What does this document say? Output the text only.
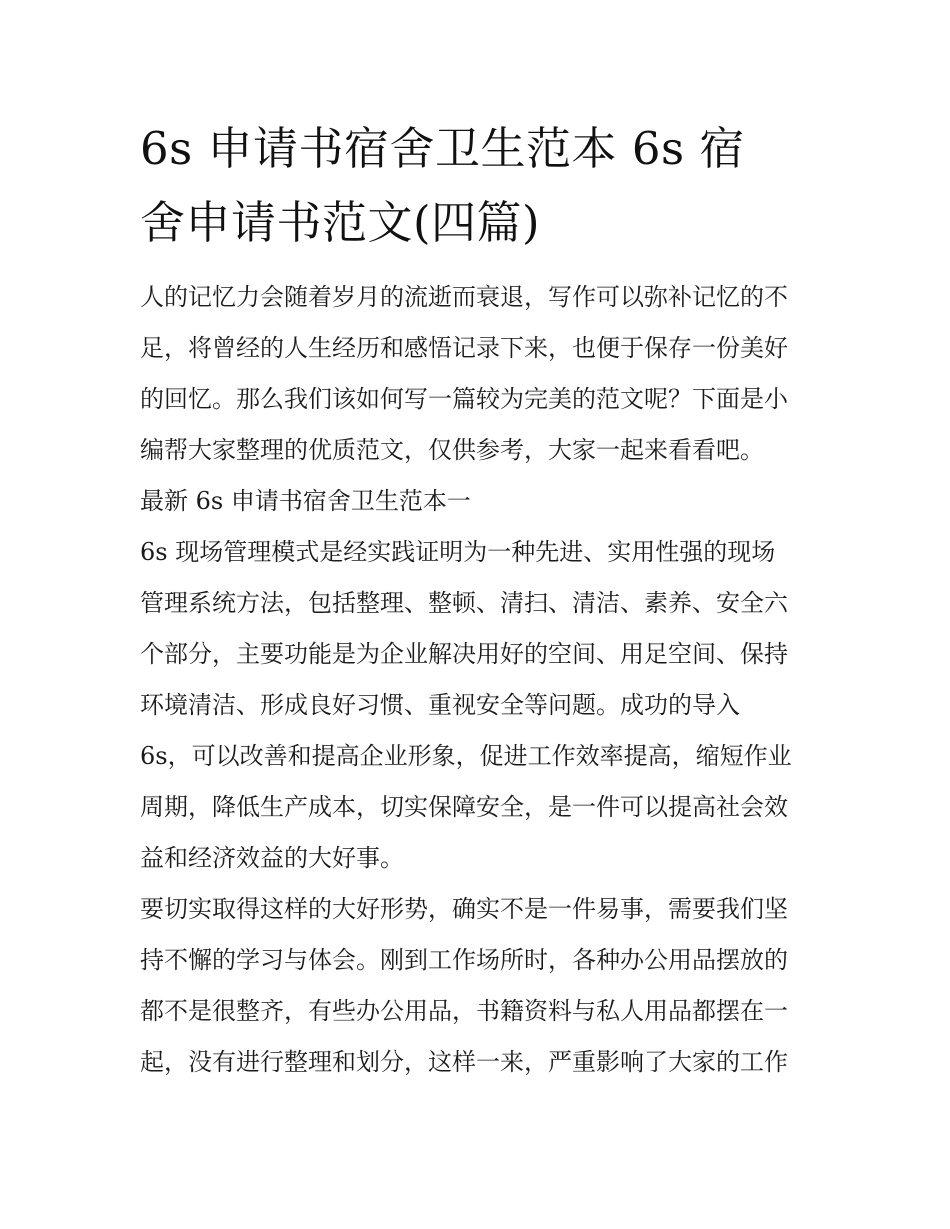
6s 申请书宿舍卫生范本 6s 宿
舍申请书范文(四篇)
人的记忆力会随着岁月的流逝而衰退，写作可以弥补记忆的不
足，将曾经的人生经历和感悟记录下来，也便于保存一份美好
的回忆。那么我们该如何写一篇较为完美的范文呢？下面是小
编帮大家整理的优质范文，仅供参考，大家一起来看看吧。
最新 6s 申请书宿舍卫生范本一
6s 现场管理模式是经实践证明为一种先进、实用性强的现场
管理系统方法，包括整理、整顿、清扫、清洁、素养、安全六
个部分，主要功能是为企业解决用好的空间、用足空间、保持
环境清洁、形成良好习惯、重视安全等问题。成功的导入
6s，可以改善和提高企业形象，促进工作效率提高，缩短作业
周期，降低生产成本，切实保障安全，是一件可以提高社会效
益和经济效益的大好事。
要切实取得这样的大好形势，确实不是一件易事，需要我们坚
持不懈的学习与体会。刚到工作场所时，各种办公用品摆放的
都不是很整齐，有些办公用品，书籍资料与私人用品都摆在一
起，没有进行整理和划分，这样一来，严重影响了大家的工作
